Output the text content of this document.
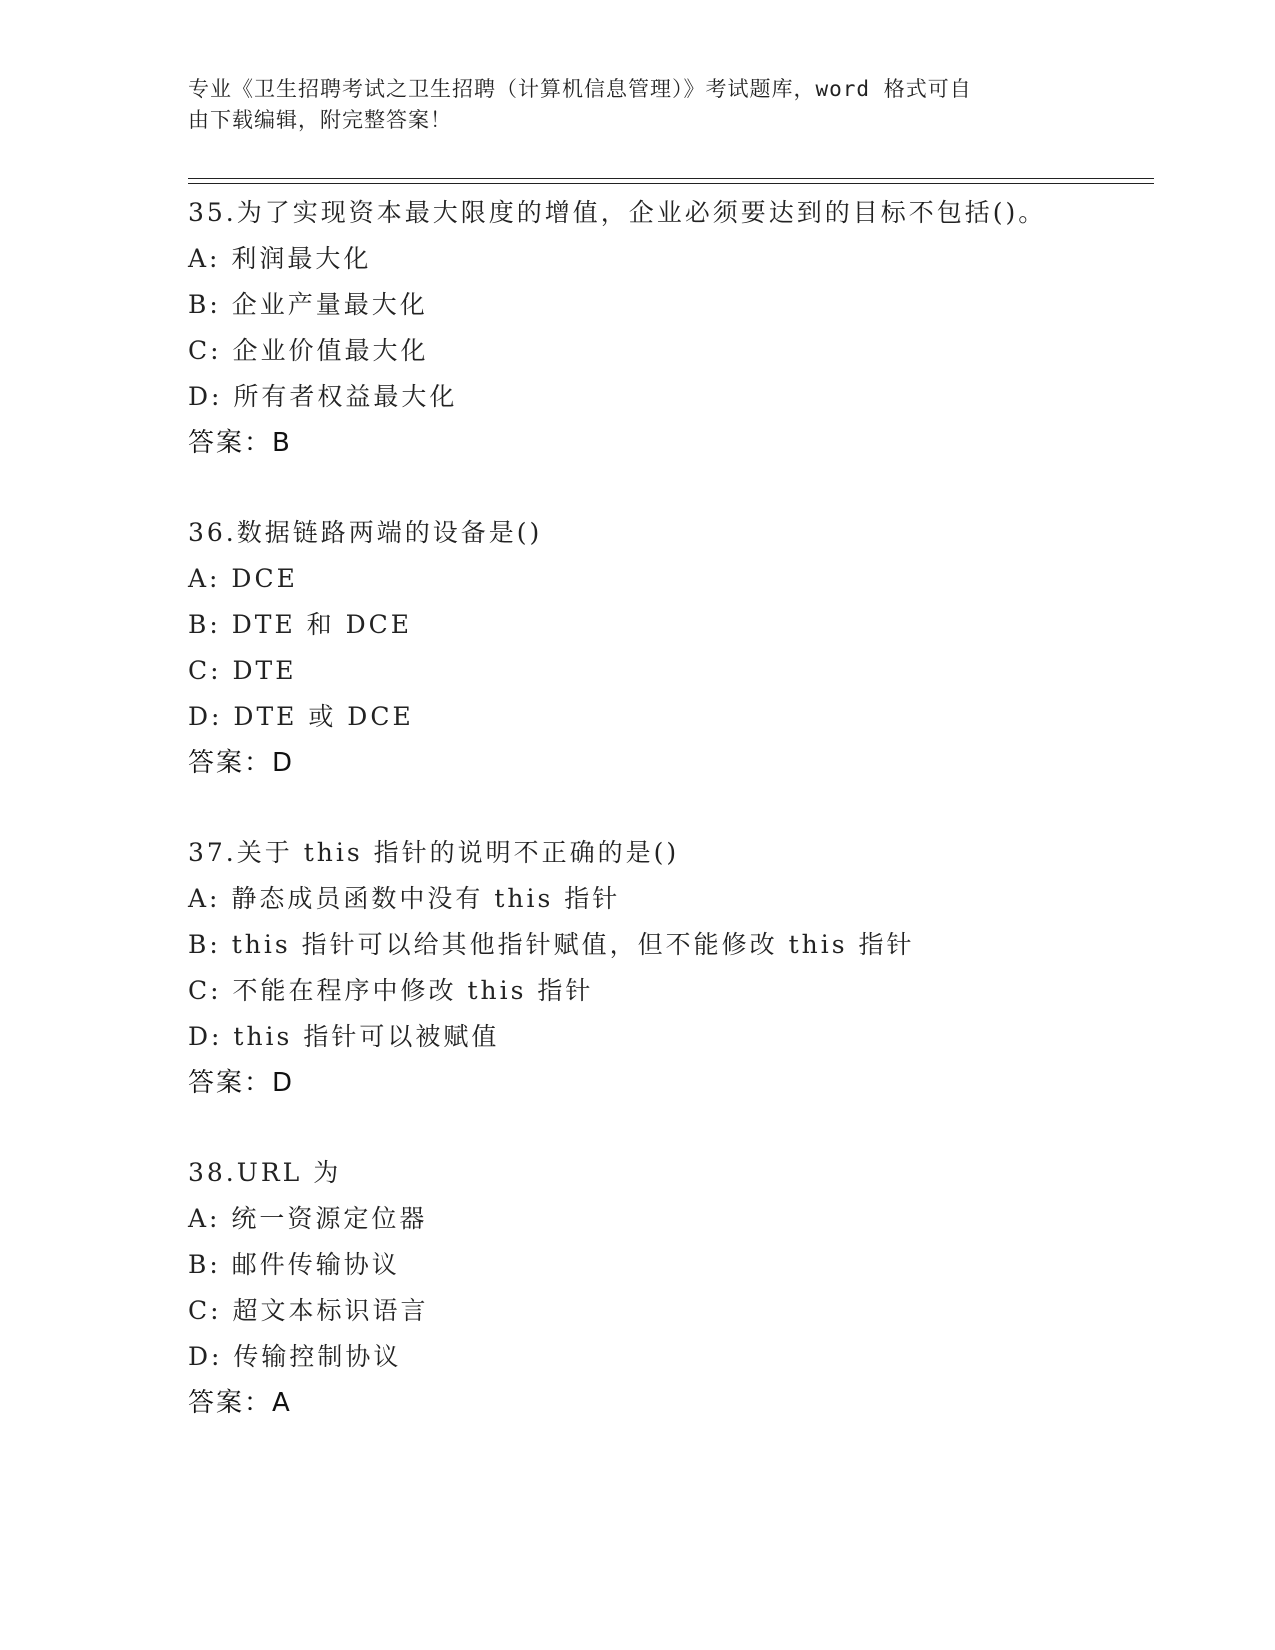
专业《卫生招聘考试之卫生招聘（计算机信息管理）》考试题库，word 格式可自

由下载编辑，附完整答案！

35.为了实现资本最大限度的增值，企业必须要达到的目标不包括()。

A: 利润最大化

B: 企业产量最大化

C: 企业价值最大化

D: 所有者权益最大化

答案：B

36.数据链路两端的设备是()

A: DCE

B: DTE 和 DCE

C: DTE

D: DTE 或 DCE

答案：D

37.关于 this 指针的说明不正确的是()

A: 静态成员函数中没有 this 指针

B: this 指针可以给其他指针赋值，但不能修改 this 指针

C: 不能在程序中修改 this 指针

D: this 指针可以被赋值

答案：D

38.URL 为

A: 统一资源定位器

B: 邮件传输协议

C: 超文本标识语言

D: 传输控制协议

答案：A
